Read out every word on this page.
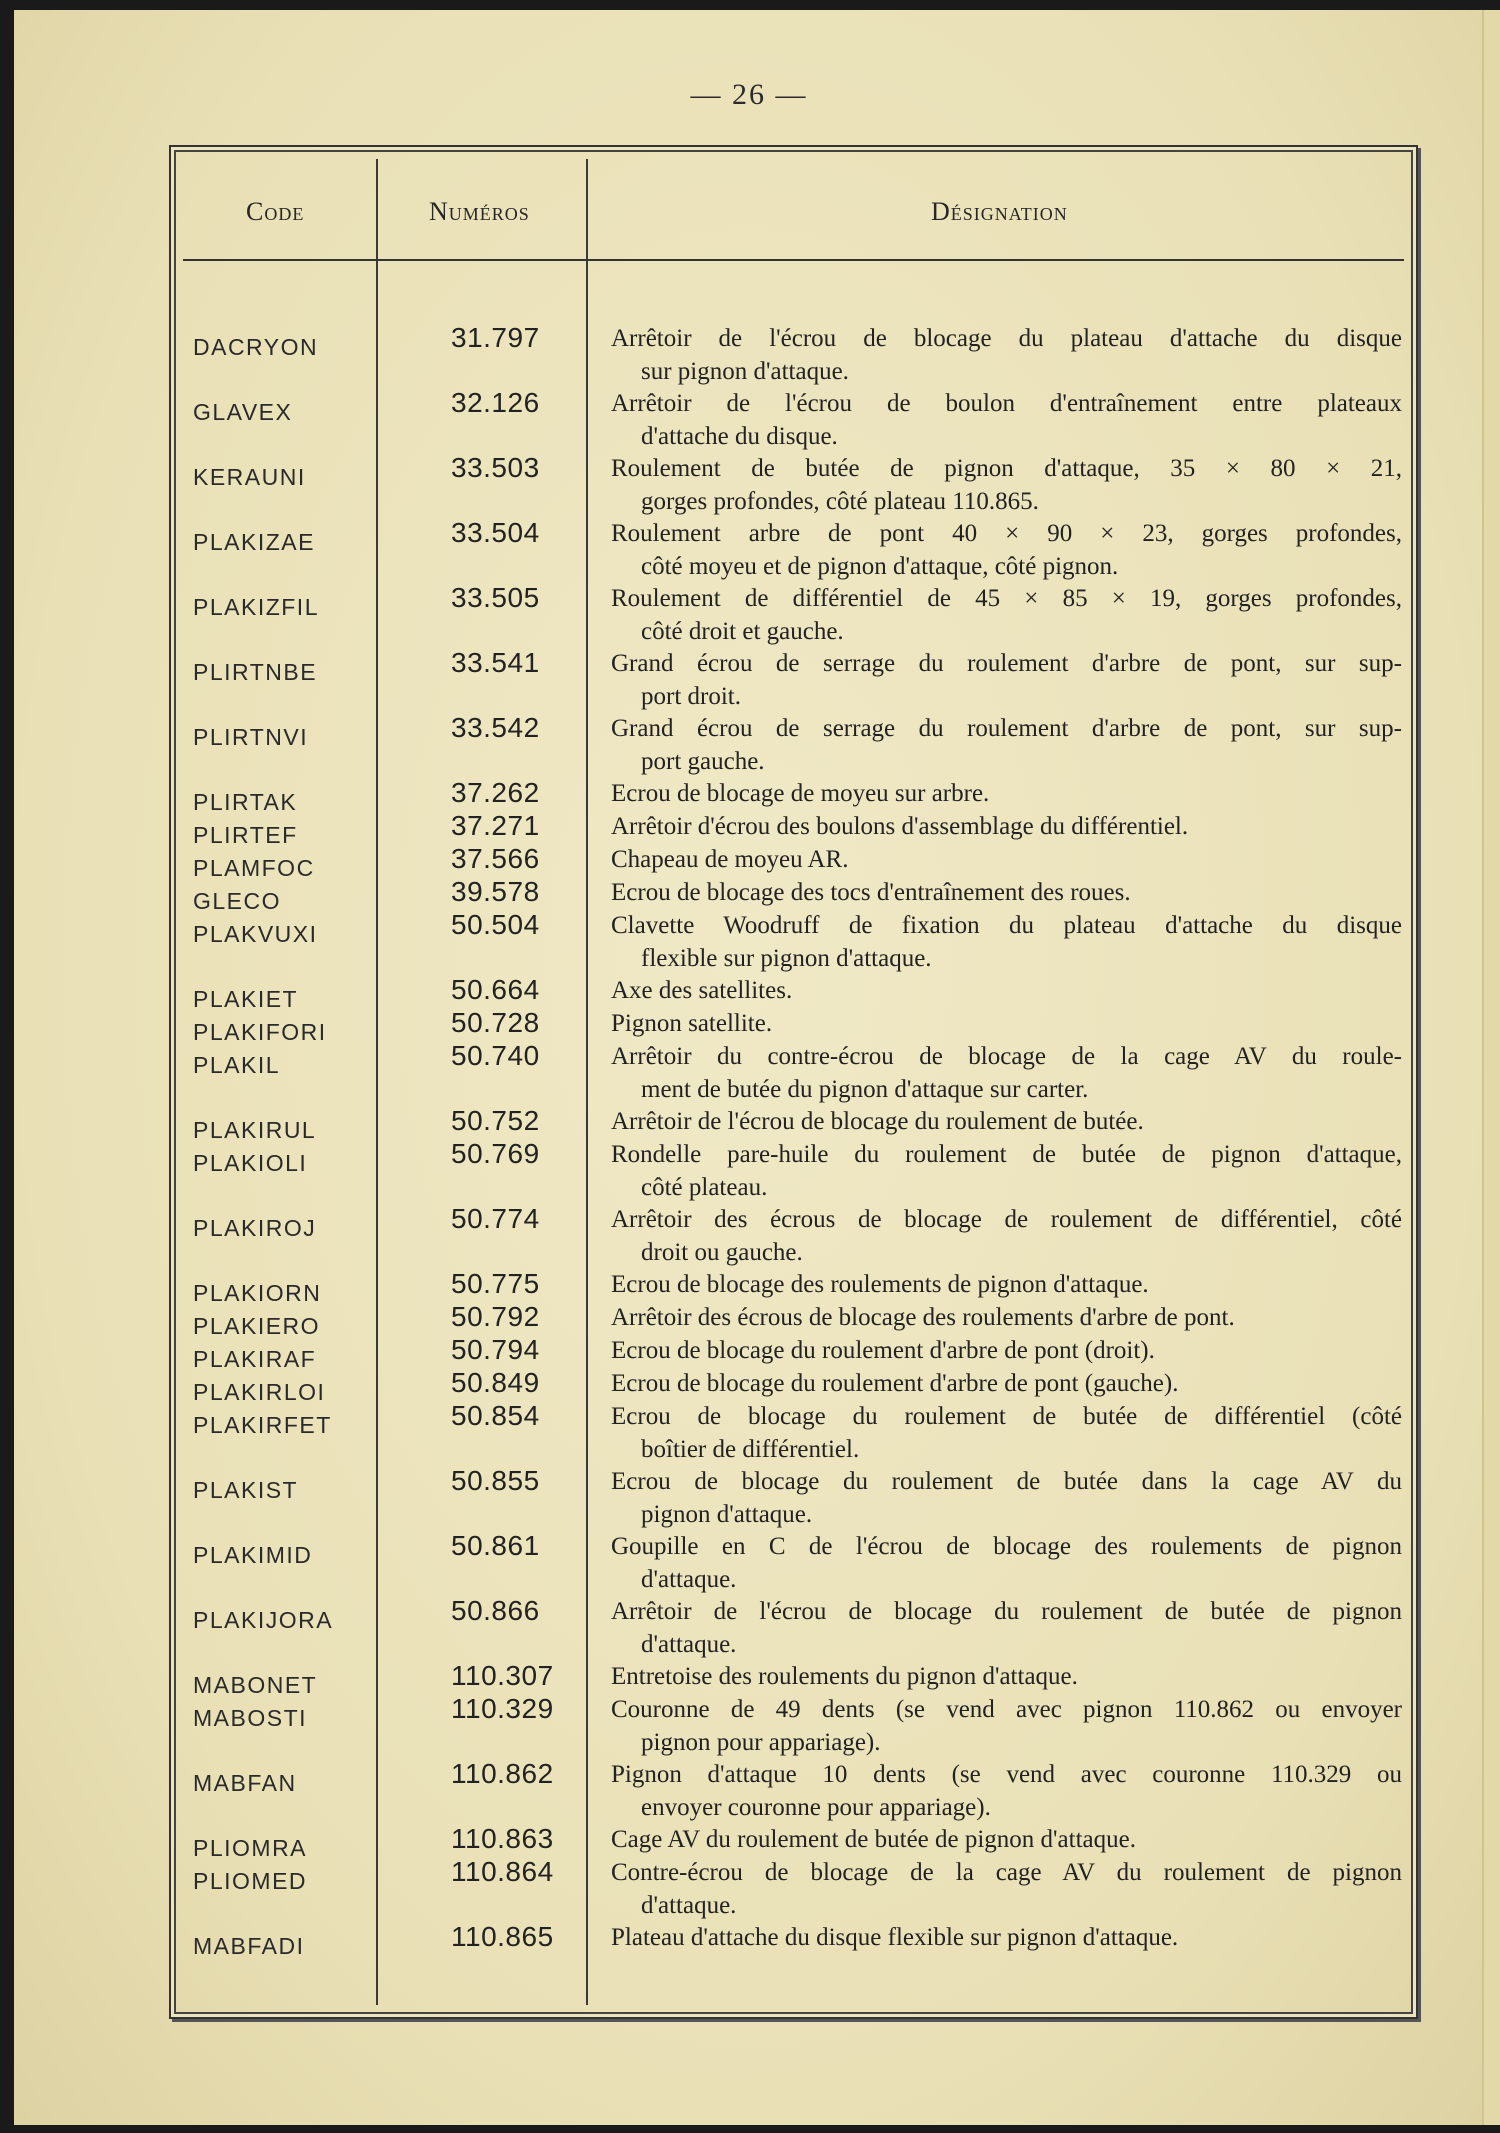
— 26 —
Code	Numéros	Désignation
DACRYON	31.797	Arrêtoir de l'écrou de blocage du plateau d'attache du disque
sur pignon d'attaque.
GLAVEX	32.126	Arrêtoir de l'écrou de boulon d'entraînement entre plateaux
d'attache du disque.
KERAUNI	33.503	Roulement de butée de pignon d'attaque, 35 × 80 × 21,
gorges profondes, côté plateau 110.865.
PLAKIZAE	33.504	Roulement arbre de pont 40 × 90 × 23, gorges profondes,
côté moyeu et de pignon d'attaque, côté pignon.
PLAKIZFIL	33.505	Roulement de différentiel de 45 × 85 × 19, gorges profondes,
côté droit et gauche.
PLIRTNBE	33.541	Grand écrou de serrage du roulement d'arbre de pont, sur sup-
port droit.
PLIRTNVI	33.542	Grand écrou de serrage du roulement d'arbre de pont, sur sup-
port gauche.
PLIRTAK	37.262	Ecrou de blocage de moyeu sur arbre.
PLIRTEF	37.271	Arrêtoir d'écrou des boulons d'assemblage du différentiel.
PLAMFOC	37.566	Chapeau de moyeu AR.
GLECO	39.578	Ecrou de blocage des tocs d'entraînement des roues.
PLAKVUXI	50.504	Clavette Woodruff de fixation du plateau d'attache du disque
flexible sur pignon d'attaque.
PLAKIET	50.664	Axe des satellites.
PLAKIFORI	50.728	Pignon satellite.
PLAKIL	50.740	Arrêtoir du contre-écrou de blocage de la cage AV du roule-
ment de butée du pignon d'attaque sur carter.
PLAKIRUL	50.752	Arrêtoir de l'écrou de blocage du roulement de butée.
PLAKIOLI	50.769	Rondelle pare-huile du roulement de butée de pignon d'attaque,
côté plateau.
PLAKIROJ	50.774	Arrêtoir des écrous de blocage de roulement de différentiel, côté
droit ou gauche.
PLAKIORN	50.775	Ecrou de blocage des roulements de pignon d'attaque.
PLAKIERO	50.792	Arrêtoir des écrous de blocage des roulements d'arbre de pont.
PLAKIRAF	50.794	Ecrou de blocage du roulement d'arbre de pont (droit).
PLAKIRLOI	50.849	Ecrou de blocage du roulement d'arbre de pont (gauche).
PLAKIRFET	50.854	Ecrou de blocage du roulement de butée de différentiel (côté
boîtier de différentiel.
PLAKIST	50.855	Ecrou de blocage du roulement de butée dans la cage AV du
pignon d'attaque.
PLAKIMID	50.861	Goupille en C de l'écrou de blocage des roulements de pignon
d'attaque.
PLAKIJORA	50.866	Arrêtoir de l'écrou de blocage du roulement de butée de pignon
d'attaque.
MABONET	110.307 Entretoise des roulements du pignon d'attaque.
MABOSTI	110.329 Couronne de 49 dents (se vend avec pignon 110.862 ou envoyer
pignon pour appariage).
MABFAN	110.862 Pignon d'attaque 10 dents (se vend avec couronne 110.329 ou
envoyer couronne pour appariage).
PLIOMRA	110.863 Cage AV du roulement de butée de pignon d'attaque.
PLIOMED	110.864 Contre-écrou de blocage de la cage AV du roulement de pignon
d'attaque.
MABFADI	110.865 Plateau d'attache du disque flexible sur pignon d'attaque.
